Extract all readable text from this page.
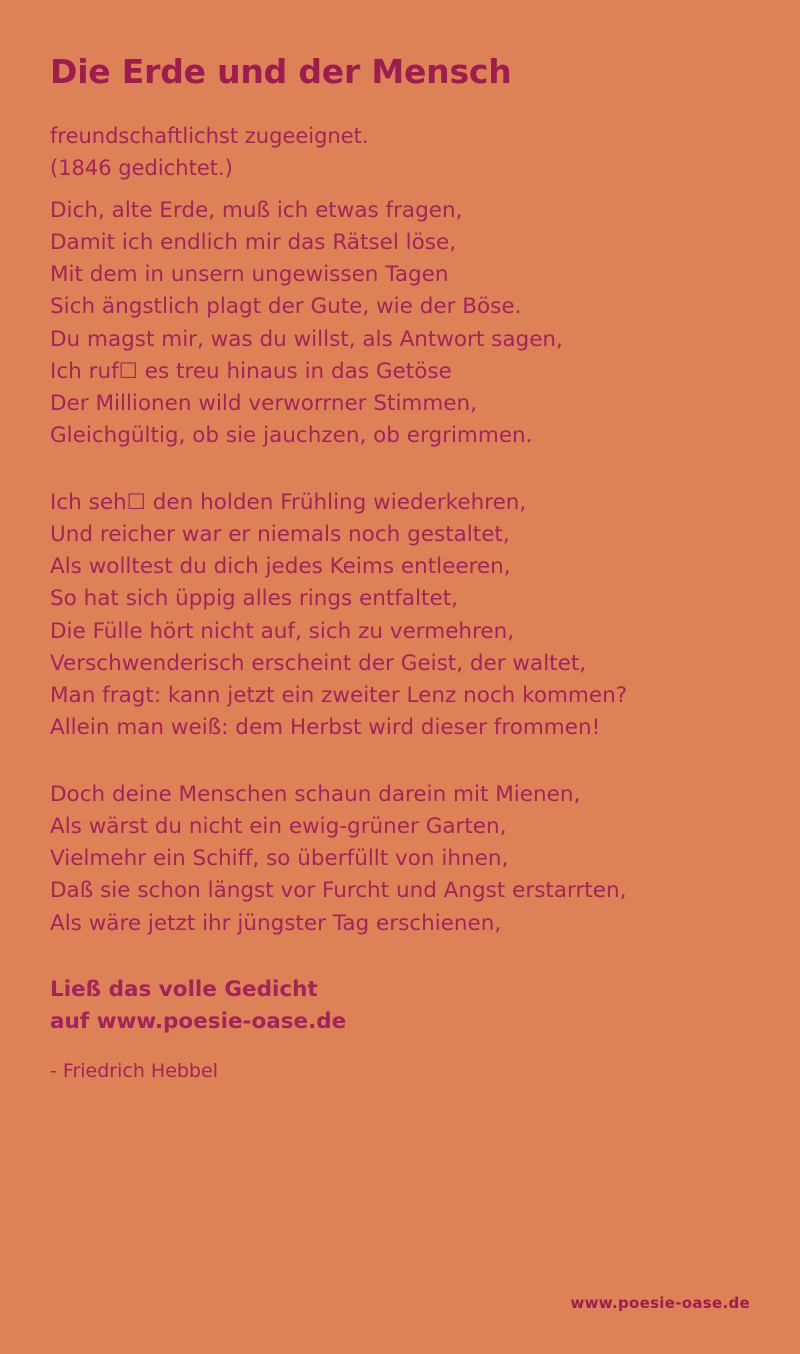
Die Erde und der Mensch
freundschaftlichst zugeeignet.
(1846 gedichtet.)
Dich, alte Erde, muß ich etwas fragen,
Damit ich endlich mir das Rätsel löse,
Mit dem in unsern ungewissen Tagen
Sich ängstlich plagt der Gute, wie der Böse.
Du magst mir, was du willst, als Antwort sagen,
Ich ruf☐ es treu hinaus in das Getöse
Der Millionen wild verworrner Stimmen,
Gleichgültig, ob sie jauchzen, ob ergrimmen.
Ich seh☐ den holden Frühling wiederkehren,
Und reicher war er niemals noch gestaltet,
Als wolltest du dich jedes Keims entleeren,
So hat sich üppig alles rings entfaltet,
Die Fülle hört nicht auf, sich zu vermehren,
Verschwenderisch erscheint der Geist, der waltet,
Man fragt: kann jetzt ein zweiter Lenz noch kommen?
Allein man weiß: dem Herbst wird dieser frommen!
Doch deine Menschen schaun darein mit Mienen,
Als wärst du nicht ein ewig-grüner Garten,
Vielmehr ein Schiff, so überfüllt von ihnen,
Daß sie schon längst vor Furcht und Angst erstarrten,
Als wäre jetzt ihr jüngster Tag erschienen,
Ließ das volle Gedicht
auf www.poesie-oase.de
- Friedrich Hebbel
www.poesie-oase.de
